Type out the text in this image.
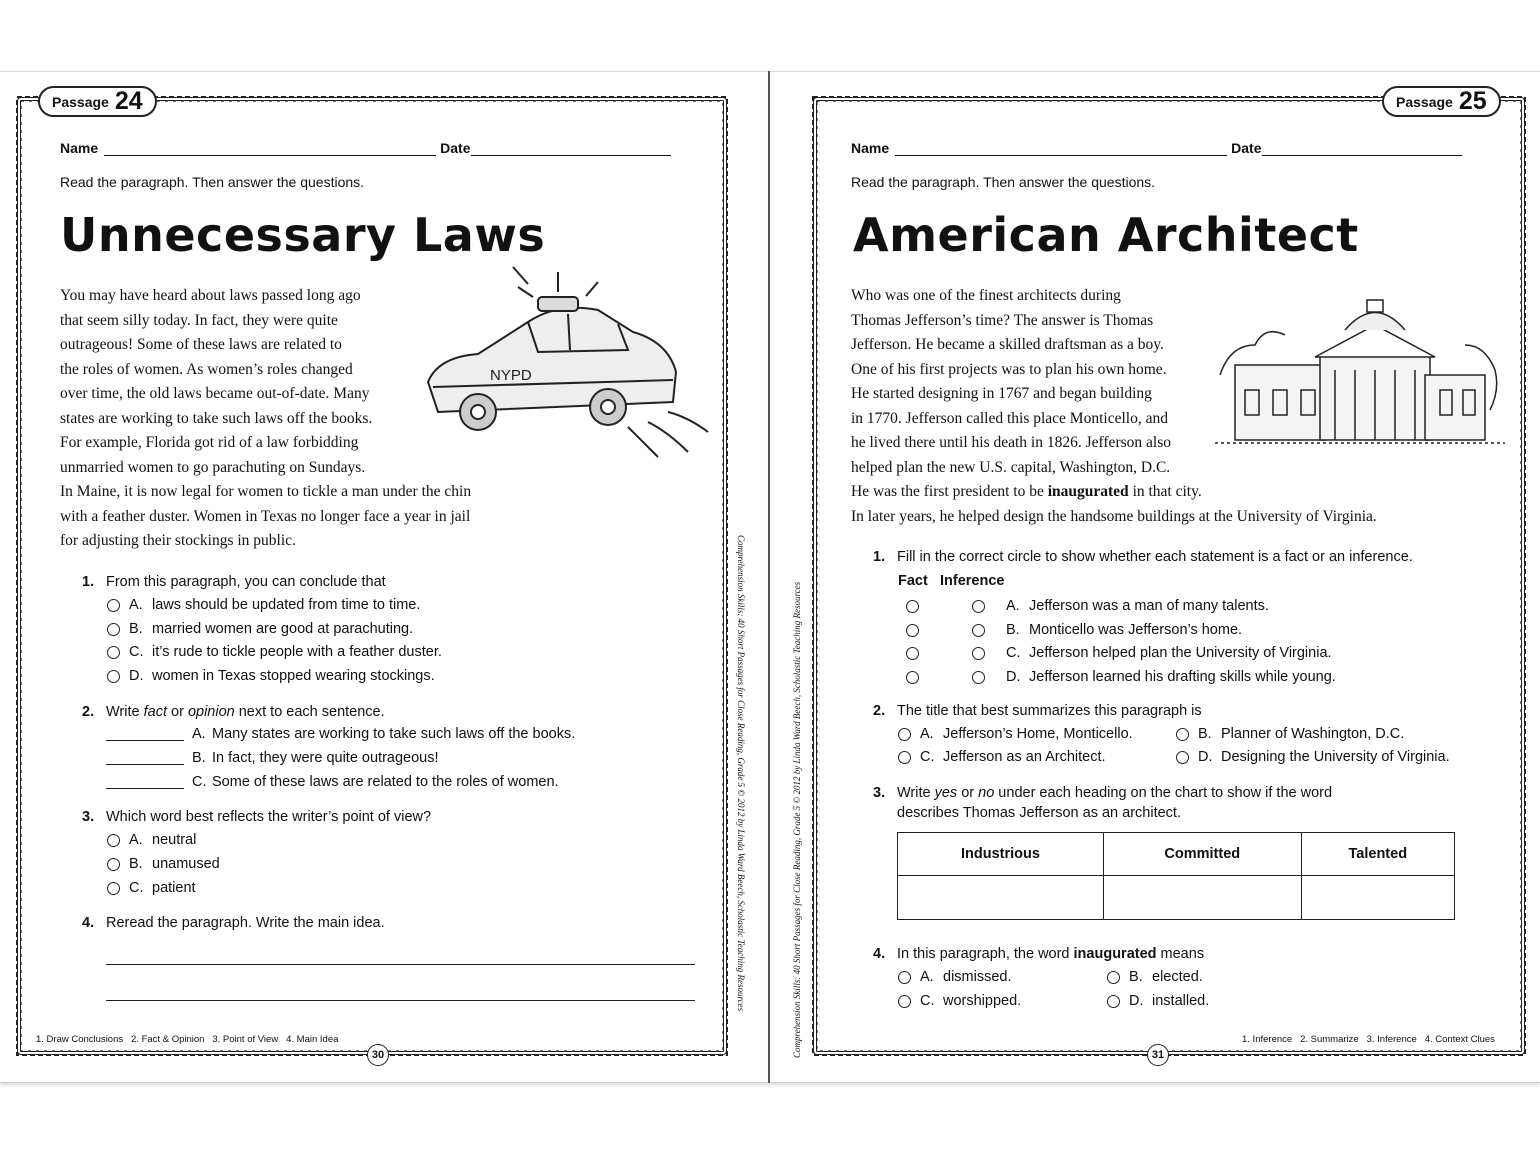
Passage 24
Name	Date
Read the paragraph. Then answer the questions.
Unnecessary Laws
NYPD
You may have heard about laws passed long ago
that seem silly today. In fact, they were quite
outrageous! Some of these laws are related to
the roles of women. As women’s roles changed
over time, the old laws became out-of-date. Many
states are working to take such laws off the books.
For example, Florida got rid of a law forbidding
unmarried women to go parachuting on Sundays.
In Maine, it is now legal for women to tickle a man under the chin
with a feather duster. Women in Texas no longer face a year in jail
for adjusting their stockings in public.
1. From this paragraph, you can conclude that
A. laws should be updated from time to time.
B. married women are good at parachuting.
C. it’s rude to tickle people with a feather duster.
D. women in Texas stopped wearing stockings.
2. Write fact or opinion next to each sentence.
A. Many states are working to take such laws off the books.
B. In fact, they were quite outrageous!
C. Some of these laws are related to the roles of women.
3. Which word best reflects the writer’s point of view?
A. neutral
B. unamused
C. patient
4. Reread the paragraph. Write the main idea.
1. Draw Conclusions   2. Fact & Opinion   3. Point of View   4. Main Idea
30
Comprehension Skills: 40 Short Passages for Close Reading, Grade 5 © 2012 by Linda Ward Beech, Scholastic Teaching Resources
Passage 25
Name	Date
Read the paragraph. Then answer the questions.
American Architect
Who was one of the finest architects during
Thomas Jefferson’s time? The answer is Thomas
Jefferson. He became a skilled draftsman as a boy.
One of his first projects was to plan his own home.
He started designing in 1767 and began building
in 1770. Jefferson called this place Monticello, and
he lived there until his death in 1826. Jefferson also
helped plan the new U.S. capital, Washington, D.C.
He was the first president to be inaugurated in that city.
In later years, he helped design the handsome buildings at the University of Virginia.
1. Fill in the correct circle to show whether each statement is a fact or an inference.
Fact Inference
A. Jefferson was a man of many talents.
B. Monticello was Jefferson’s home.
C. Jefferson helped plan the University of Virginia.
D. Jefferson learned his drafting skills while young.
2. The title that best summarizes this paragraph is
A. Jefferson’s Home, Monticello.	B. Planner of Washington, D.C.
C. Jefferson as an Architect.	D. Designing the University of Virginia.
3. Write yes or no under each heading on the chart to show if the word
describes Thomas Jefferson as an architect.
Industrious	Committed	Talented

4. In this paragraph, the word inaugurated means
A. dismissed.	B. elected.
C. worshipped.	D. installed.
1. Inference   2. Summarize   3. Inference   4. Context Clues
31
Comprehension Skills: 40 Short Passages for Close Reading, Grade 5 © 2012 by Linda Ward Beech, Scholastic Teaching Resources
